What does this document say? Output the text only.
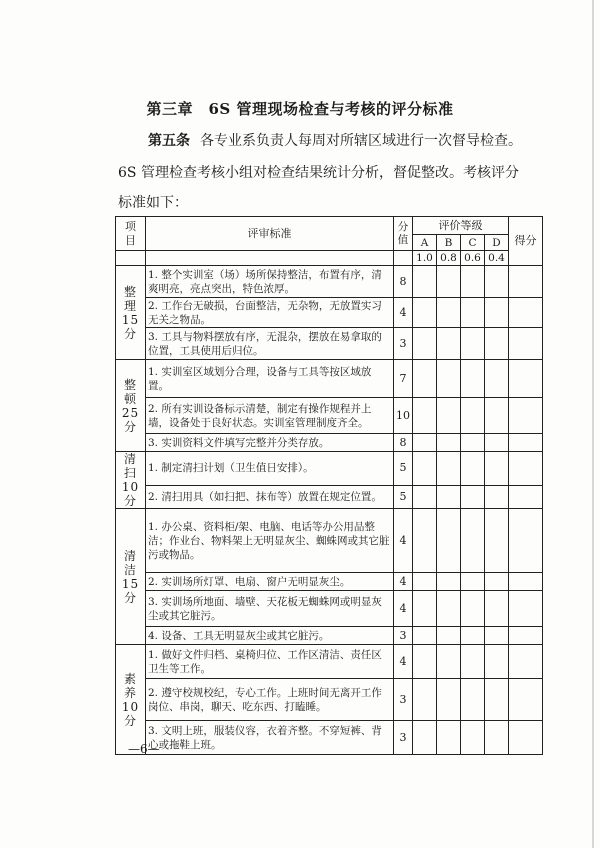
第三章　6S 管理现场检查与考核的评分标准
第五条 各专业系负责人每周对所辖区域进行一次督导检查。
6S 管理检查考核小组对检查结果统计分析，督促整改。考核评分
标准如下：
项 目	评审标准	分值	评价等级				得分
			A	B	C	D	
			1.0	0.8	0.6	0.4	

整 理
15 分	1. 整个实训室（场）场所保持整洁，布置有序，清爽明亮，亮点突出，特色浓厚。	8					
	2. 工作台无破损，台面整洁，无杂物，无放置实习无关之物品。	4					
	3. 工具与物料摆放有序，无混杂，摆放在易拿取的位置，工具使用后归位。	3					

整 顿
25 分	1. 实训室区域划分合理，设备与工具等按区域放置。	7					
	2. 所有实训设备标示清楚，制定有操作规程并上墙，设备处于良好状态。实训室管理制度齐全。	10					
	3. 实训资料文件填写完整并分类存放。	8					

清 扫
10 分	1. 制定清扫计划（卫生值日安排）。	5					
	2. 清扫用具（如扫把、抹布等）放置在规定位置。	5					

清洁
15 分	1. 办公桌、资料柜/架、电脑、电话等办公用品整洁；作业台、物料架上无明显灰尘、蜘蛛网或其它脏污或物品。	4					
	2. 实训场所灯罩、电扇、窗户无明显灰尘。	4					
	3. 实训场所地面、墙壁、天花板无蜘蛛网或明显灰尘或其它脏污。	4					
	4. 设备、工具无明显灰尘或其它脏污。	3					

素养
10 分	1. 做好文件归档、桌椅归位、工作区清洁、责任区卫生等工作。	4					
	2. 遵守校规校纪，专心工作。上班时间无离开工作岗位、串岗，聊天、吃东西、打瞌睡。	3					
	3. 文明上班，服装仪容，衣着齐整。不穿短裤、背心或拖鞋上班。	3					
—6—
